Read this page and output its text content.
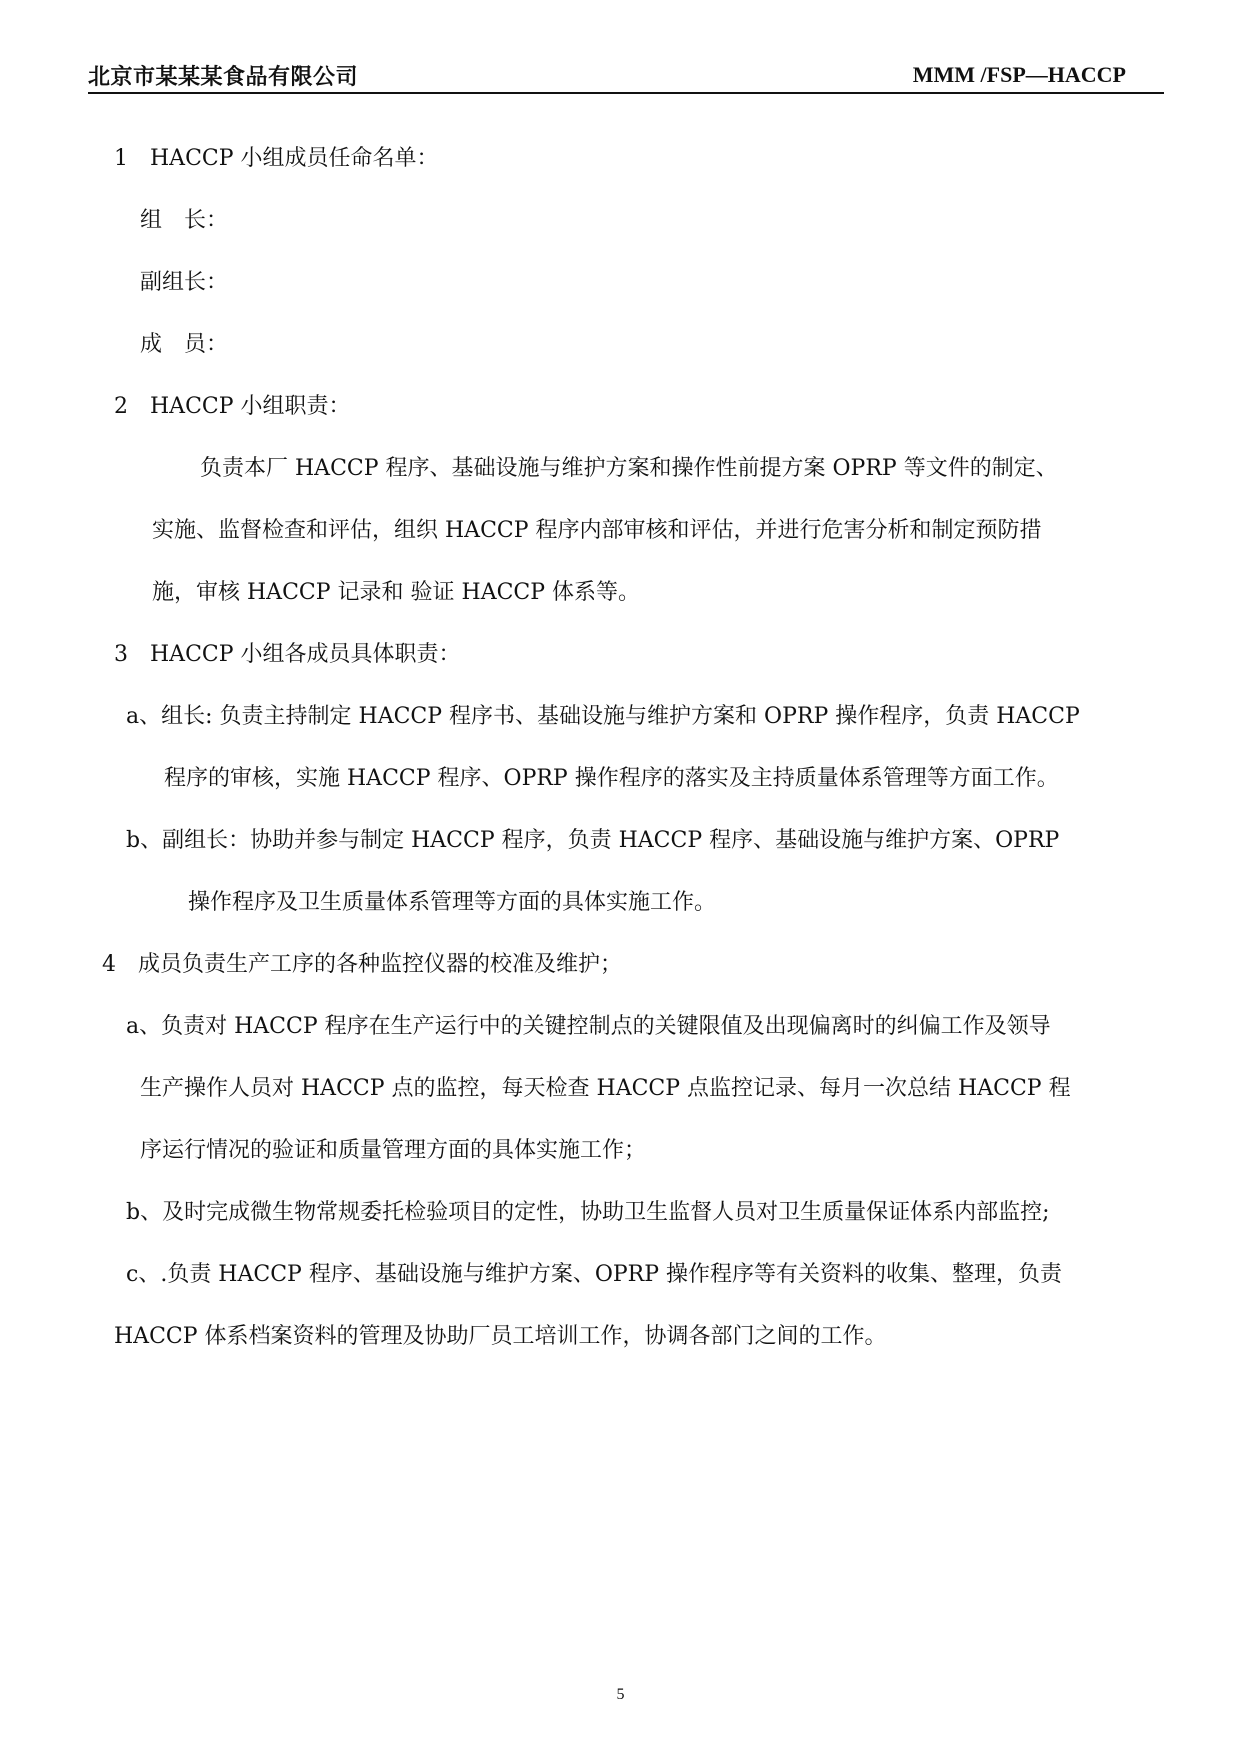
北京市某某某食品有限公司	MMM /FSP—HACCP
1 HACCP 小组成员任命名单：
组　长：
副组长：
成　员：
2 HACCP 小组职责：
负责本厂 HACCP 程序、基础设施与维护方案和操作性前提方案 OPRP 等文件的制定、
实施、监督检查和评估，组织 HACCP 程序内部审核和评估，并进行危害分析和制定预防措
施，审核 HACCP 记录和 验证 HACCP 体系等。
3 HACCP 小组各成员具体职责：
a、组长: 负责主持制定 HACCP 程序书、基础设施与维护方案和 OPRP 操作程序，负责 HACCP
程序的审核，实施 HACCP 程序、OPRP 操作程序的落实及主持质量体系管理等方面工作。
b、副组长：协助并参与制定 HACCP 程序，负责 HACCP 程序、基础设施与维护方案、OPRP
操作程序及卫生质量体系管理等方面的具体实施工作。
4 成员负责生产工序的各种监控仪器的校准及维护；
a、负责对 HACCP 程序在生产运行中的关键控制点的关键限值及出现偏离时的纠偏工作及领导
生产操作人员对 HACCP 点的监控，每天检查 HACCP 点监控记录、每月一次总结 HACCP 程
序运行情况的验证和质量管理方面的具体实施工作；
b、及时完成微生物常规委托检验项目的定性，协助卫生监督人员对卫生质量保证体系内部监控;
c、.负责 HACCP 程序、基础设施与维护方案、OPRP 操作程序等有关资料的收集、整理，负责
HACCP 体系档案资料的管理及协助厂员工培训工作，协调各部门之间的工作。
5
